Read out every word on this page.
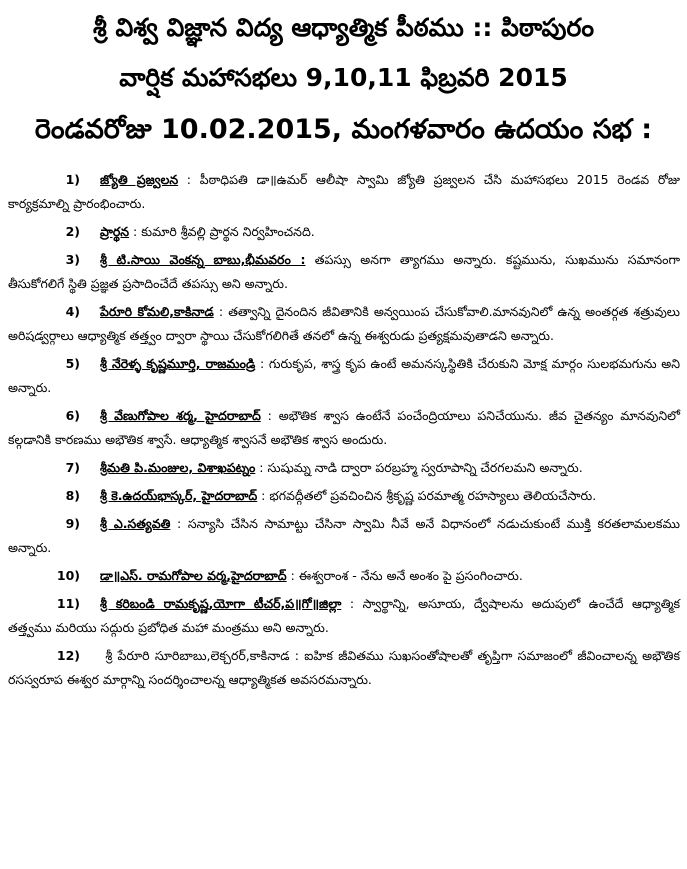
శ్రీ విశ్వ విజ్ఞాన విద్య ఆధ్యాత్మిక పీఠము :: పిఠాపురం

వార్షిక మహాసభలు 9,10,11 ఫిబ్రవరి 2015

రెండవరోజు 10.02.2015, మంగళవారం ఉదయం సభ :

1) జ్యోతి ప్రజ్వలన : పీఠాధిపతి డా॥ఉమర్ ఆలీషా స్వామి జ్యోతి ప్రజ్వలన చేసి మహాసభలు 2015 రెండవ రోజు కార్యక్రమాల్ని ప్రారంభించారు.

2) ప్రార్థన : కుమారి శ్రీవల్లి ప్రార్థన నిర్వహించనది.

3) శ్రీ టి.సాయి వెంకన్న బాబు,భీమవరం : తపస్సు అనగా త్యాగము అన్నారు. కష్టమును, సుఖమును సమానంగా తీసుకోగలిగే స్థితి ప్రజ్ఞత ప్రసాదించేదే తపస్సు అని అన్నారు.

4) పేరూరి కోమలి,కాకినాడ : తత్వాన్ని దైనందిన జీవితానికి అన్వయింప చేసుకోవాలి.మానవునిలో ఉన్న అంతర్గత శత్రువులు అరిషడ్వర్గాలు ఆధ్యాత్మిక తత్త్వం ద్వారా స్థాయి చేసుకోగలిగితే తనలో ఉన్న ఈశ్వరుడు ప్రత్యక్షమవుతాడని అన్నారు.

5) శ్రీ నేరెళ్ళ కృష్ణమూర్తి, రాజమండ్రి : గురుకృప, శాస్త్ర కృప ఉంటే అమనస్కస్థితికి చేరుకుని మోక్ష మార్గం సులభమగును అని అన్నారు.

6) శ్రీ వేణుగోపాల శర్మ, హైదరాబాద్ : అభౌతిక శ్వాస ఉంటేనే పంచేంద్రియాలు పనిచేయును. జీవ చైతన్యం మానవునిలో కల్గడానికి కారణము అభౌతిక శ్వాసే. ఆధ్యాత్మిక శ్వాసనే అభౌతిక శ్వాస అందురు.

7) శ్రీమతి పి.మంజుల, విశాఖపట్నం : సుషుమ్న నాడి ద్వారా పరబ్రహ్మ స్వరూపాన్ని చేరగలమని అన్నారు.

8) శ్రీ కె.ఉదయ్‌భాస్కర్, హైదరాబాద్ : భగవద్గీతలో ప్రవచించిన శ్రీకృష్ణ పరమాత్మ రహస్యాలు తెలియచేసారు.

9) శ్రీ ఎ.సత్యవతి : సన్యాసి చేసిన సామాట్టు చేసినా స్వామి నీవే అనే విధానంలో నడుచుకుంటే ముక్తి కరతలామలకము అన్నారు.

10) డా॥ఎస్. రామగోపాల వర్మ,హైదరాబాద్ : ఈశ్వరాంశ - నేను అనే అంశం పై ప్రసంగించారు.

11) శ్రీ కరిబండి రామకృష్ణ,యోగా టీచర్,ప॥గో॥జిల్లా : స్వార్థాన్ని, అసూయ, ద్వేషాలను అదుపులో ఉంచేదే ఆధ్యాత్మిక తత్త్వము మరియు సద్గురు ప్రబోధిత మహా మంత్రము అని అన్నారు.

12) శ్రీ పేరూరి సూరిబాబు,లెక్చరర్,కాకినాడ : ఐహిక జీవితము సుఖసంతోషాలతో తృప్తిగా సమాజంలో జీవించాలన్న అభౌతిక రసస్వరూప ఈశ్వర మార్గాన్ని సందర్శించాలన్న ఆధ్యాత్మికత అవసరమన్నారు.
